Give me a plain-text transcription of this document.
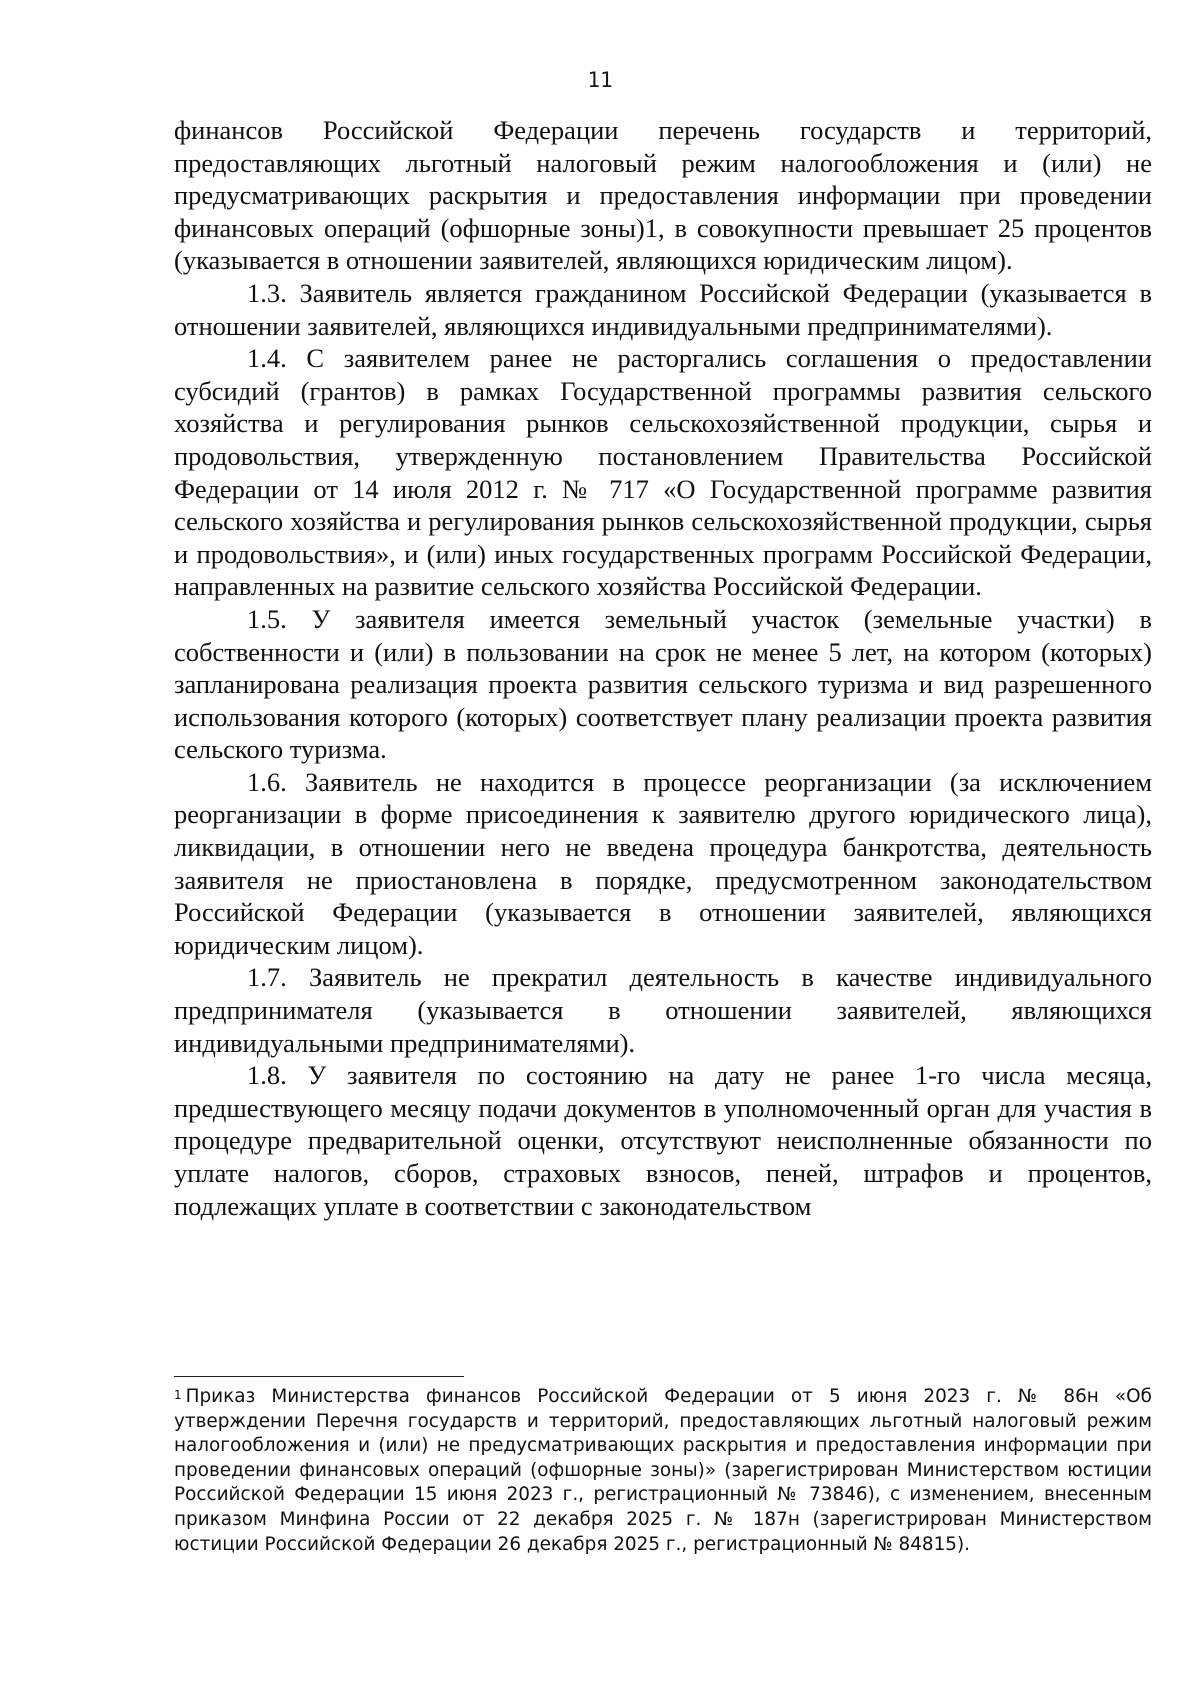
11

финансов Российской Федерации перечень государств и территорий, предоставляющих льготный налоговый режим налогообложения и (или) не предусматривающих раскрытия и предоставления информации при проведении финансовых операций (офшорные зоны)1, в совокупности превышает 25 процентов (указывается в отношении заявителей, являющихся юридическим лицом).

1.3. Заявитель является гражданином Российской Федерации (указывается в отношении заявителей, являющихся индивидуальными предпринимателями).

1.4. С заявителем ранее не расторгались соглашения о предоставлении субсидий (грантов) в рамках Государственной программы развития сельского хозяйства и регулирования рынков сельскохозяйственной продукции, сырья и продовольствия, утвержденную постановлением Правительства Российской Федерации от 14 июля 2012 г. № 717 «О Государственной программе развития сельского хозяйства и регулирования рынков сельскохозяйственной продукции, сырья и продовольствия», и (или) иных государственных программ Российской Федерации, направленных на развитие сельского хозяйства Российской Федерации.

1.5. У заявителя имеется земельный участок (земельные участки) в собственности и (или) в пользовании на срок не менее 5 лет, на котором (которых) запланирована реализация проекта развития сельского туризма и вид разрешенного использования которого (которых) соответствует плану реализации проекта развития сельского туризма.

1.6. Заявитель не находится в процессе реорганизации (за исключением реорганизации в форме присоединения к заявителю другого юридического лица), ликвидации, в отношении него не введена процедура банкротства, деятельность заявителя не приостановлена в порядке, предусмотренном законодательством Российской Федерации (указывается в отношении заявителей, являющихся юридическим лицом).

1.7. Заявитель не прекратил деятельность в качестве индивидуального предпринимателя (указывается в отношении заявителей, являющихся индивидуальными предпринимателями).

1.8. У заявителя по состоянию на дату не ранее 1-го числа месяца, предшествующего месяцу подачи документов в уполномоченный орган для участия в процедуре предварительной оценки, отсутствуют неисполненные обязанности по уплате налогов, сборов, страховых взносов, пеней, штрафов и процентов, подлежащих уплате в соответствии с законодательством

$^1$ Приказ Министерства финансов Российской Федерации от 5 июня 2023 г. № 86н «Об утверждении Перечня государств и территорий, предоставляющих льготный налоговый режим налогообложения и (или) не предусматривающих раскрытия и предоставления информации при проведении финансовых операций (офшорные зоны)» (зарегистрирован Министерством юстиции Российской Федерации 15 июня 2023 г., регистрационный № 73846), с изменением, внесенным приказом Минфина России от 22 декабря 2025 г. № 187н (зарегистрирован Министерством юстиции Российской Федерации 26 декабря 2025 г., регистрационный № 84815).
